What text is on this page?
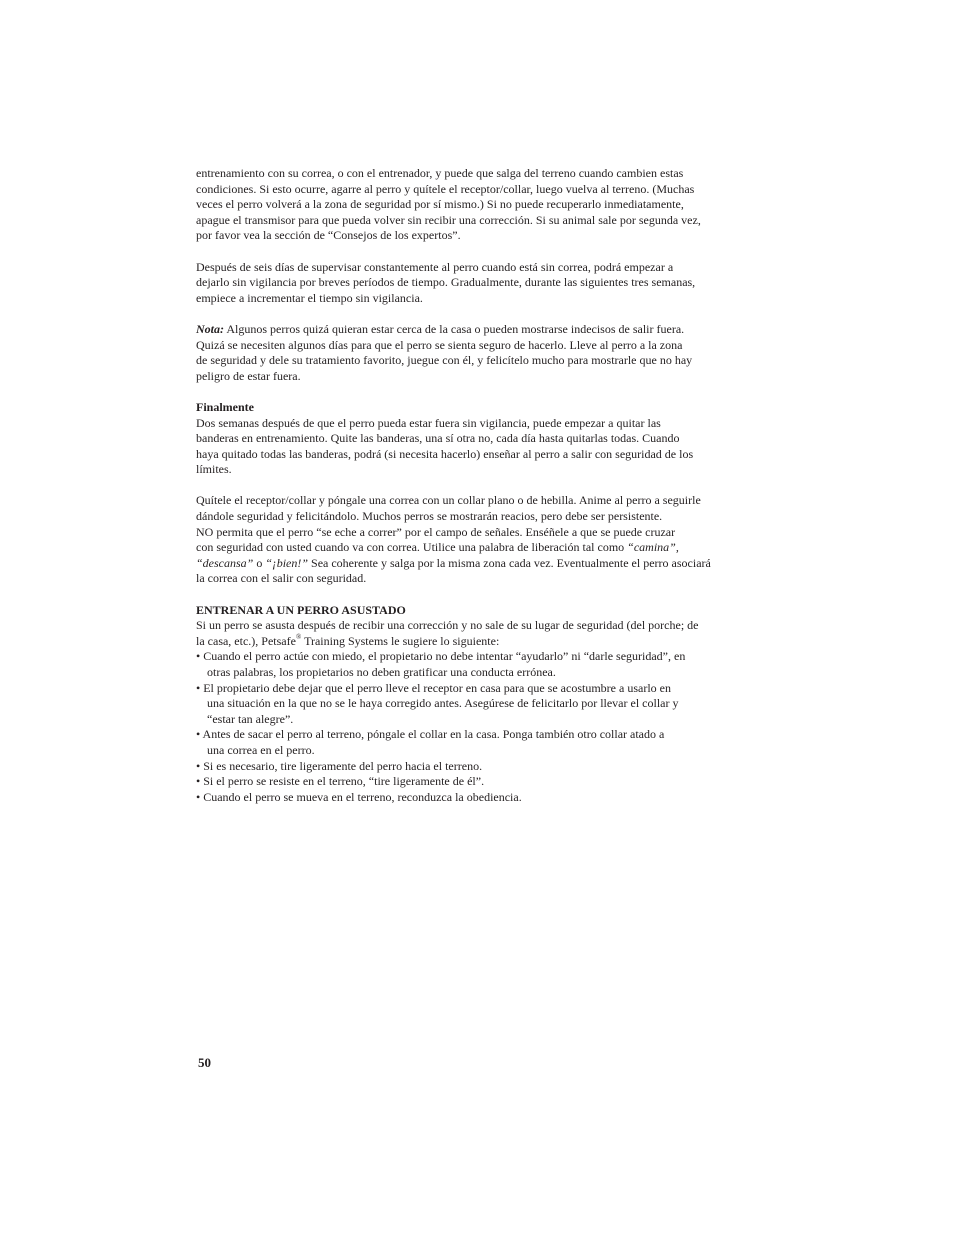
entrenamiento con su correa, o con el entrenador, y puede que salga del terreno cuando cambien estas
condiciones. Si esto ocurre, agarre al perro y quítele el receptor/collar, luego vuelva al terreno. (Muchas
veces el perro volverá a la zona de seguridad por sí mismo.) Si no puede recuperarlo inmediatamente,
apague el transmisor para que pueda volver sin recibir una corrección. Si su animal sale por segunda vez,
por favor vea la sección de “Consejos de los expertos”.

Después de seis días de supervisar constantemente al perro cuando está sin correa, podrá empezar a
dejarlo sin vigilancia por breves períodos de tiempo. Gradualmente, durante las siguientes tres semanas,
empiece a incrementar el tiempo sin vigilancia.

Nota: Algunos perros quizá quieran estar cerca de la casa o pueden mostrarse indecisos de salir fuera.
Quizá se necesiten algunos días para que el perro se sienta seguro de hacerlo. Lleve al perro a la zona
de seguridad y dele su tratamiento favorito, juegue con él, y felicítelo mucho para mostrarle que no hay
peligro de estar fuera.

Finalmente
Dos semanas después de que el perro pueda estar fuera sin vigilancia, puede empezar a quitar las
banderas en entrenamiento. Quite las banderas, una sí otra no, cada día hasta quitarlas todas. Cuando
haya quitado todas las banderas, podrá (si necesita hacerlo) enseñar al perro a salir con seguridad de los
límites.

Quítele el receptor/collar y póngale una correa con un collar plano o de hebilla. Anime al perro a seguirle
dándole seguridad y felicitándolo. Muchos perros se mostrarán reacios, pero debe ser persistente.
NO permita que el perro “se eche a correr” por el campo de señales. Enséñele a que se puede cruzar
con seguridad con usted cuando va con correa. Utilice una palabra de liberación tal como “camina”,
“descansa” o “¡bien!” Sea coherente y salga por la misma zona cada vez. Eventualmente el perro asociará
la correa con el salir con seguridad.

ENTRENAR A UN PERRO ASUSTADO
Si un perro se asusta después de recibir una corrección y no sale de su lugar de seguridad (del porche; de
la casa, etc.), Petsafe® Training Systems le sugiere lo siguiente:
• Cuando el perro actúe con miedo, el propietario no debe intentar “ayudarlo” ni “darle seguridad”, en
otras palabras, los propietarios no deben gratificar una conducta errónea.
• El propietario debe dejar que el perro lleve el receptor en casa para que se acostumbre a usarlo en
una situación en la que no se le haya corregido antes. Asegúrese de felicitarlo por llevar el collar y
“estar tan alegre”.
• Antes de sacar el perro al terreno, póngale el collar en la casa. Ponga también otro collar atado a
una correa en el perro.
• Si es necesario, tire ligeramente del perro hacia el terreno.
• Si el perro se resiste en el terreno, “tire ligeramente de él”.
• Cuando el perro se mueva en el terreno, reconduzca la obediencia.
50
